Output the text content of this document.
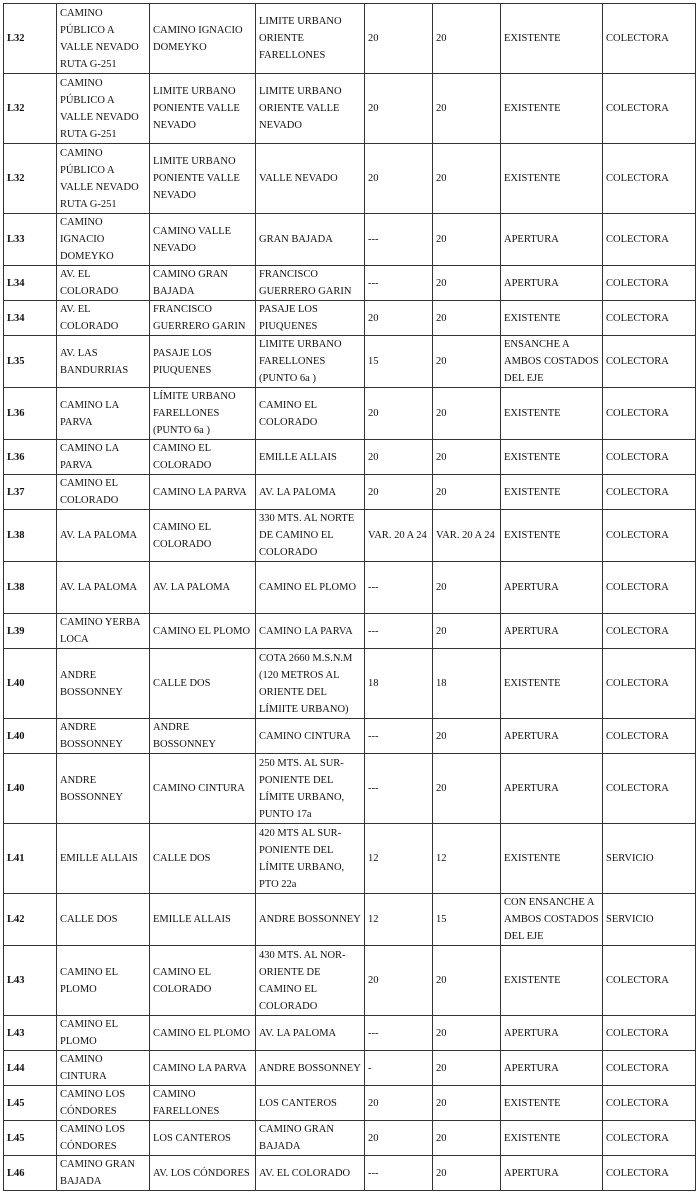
L32	CAMINO PÚBLICO A VALLE NEVADO RUTA G-251	CAMINO IGNACIO DOMEYKO	LIMITE URBANO ORIENTE FARELLONES	20	20	EXISTENTE	COLECTORA
L32	CAMINO PÚBLICO A VALLE NEVADO RUTA G-251	LIMITE URBANO PONIENTE VALLE NEVADO	LIMITE URBANO ORIENTE VALLE NEVADO	20	20	EXISTENTE	COLECTORA
L32	CAMINO PÚBLICO A VALLE NEVADO RUTA G-251	LIMITE URBANO PONIENTE VALLE NEVADO	VALLE NEVADO	20	20	EXISTENTE	COLECTORA
L33	CAMINO IGNACIO DOMEYKO	CAMINO VALLE NEVADO	GRAN BAJADA	---	20	APERTURA	COLECTORA
L34	AV. EL COLORADO	CAMINO GRAN BAJADA	FRANCISCO GUERRERO GARIN	---	20	APERTURA	COLECTORA
L34	AV. EL COLORADO	FRANCISCO GUERRERO GARIN	PASAJE LOS PIUQUENES	20	20	EXISTENTE	COLECTORA
L35	AV. LAS BANDURRIAS	PASAJE LOS PIUQUENES	LIMITE URBANO FARELLONES (PUNTO 6a )	15	20	ENSANCHE A AMBOS COSTADOS DEL EJE	COLECTORA
L36	CAMINO LA PARVA	LÍMITE URBANO FARELLONES (PUNTO 6a )	CAMINO EL COLORADO	20	20	EXISTENTE	COLECTORA
L36	CAMINO LA PARVA	CAMINO EL COLORADO	EMILLE ALLAIS	20	20	EXISTENTE	COLECTORA
L37	CAMINO EL COLORADO	CAMINO LA PARVA	AV. LA PALOMA	20	20	EXISTENTE	COLECTORA
L38	AV. LA PALOMA	CAMINO EL COLORADO	330 MTS. AL NORTE DE CAMINO EL COLORADO	VAR. 20 A 24	VAR. 20 A 24	EXISTENTE	COLECTORA
L38	AV. LA PALOMA	AV. LA PALOMA	CAMINO EL PLOMO	---	20	APERTURA	COLECTORA
L39	CAMINO YERBA LOCA	CAMINO EL PLOMO	CAMINO LA PARVA	---	20	APERTURA	COLECTORA
L40	ANDRE BOSSONNEY	CALLE DOS	COTA 2660 M.S.N.M (120 METROS AL ORIENTE DEL LÍMIITE URBANO)	18	18	EXISTENTE	COLECTORA
L40	ANDRE BOSSONNEY	ANDRE BOSSONNEY	CAMINO CINTURA	---	20	APERTURA	COLECTORA
L40	ANDRE BOSSONNEY	CAMINO CINTURA	250 MTS. AL SUR-PONIENTE DEL LÍMITE URBANO, PUNTO 17a	---	20	APERTURA	COLECTORA
L41	EMILLE ALLAIS	CALLE DOS	420 MTS AL SUR-PONIENTE DEL LÍMITE URBANO, PTO 22a	12	12	EXISTENTE	SERVICIO
L42	CALLE DOS	EMILLE ALLAIS	ANDRE BOSSONNEY	12	15	CON ENSANCHE A AMBOS COSTADOS DEL EJE	SERVICIO
L43	CAMINO EL PLOMO	CAMINO EL COLORADO	430 MTS. AL NOR-ORIENTE DE CAMINO EL COLORADO	20	20	EXISTENTE	COLECTORA
L43	CAMINO EL PLOMO	CAMINO EL PLOMO	AV. LA PALOMA	---	20	APERTURA	COLECTORA
L44	CAMINO CINTURA	CAMINO LA PARVA	ANDRE BOSSONNEY	-	20	APERTURA	COLECTORA
L45	CAMINO LOS CÓNDORES	CAMINO FARELLONES	LOS CANTEROS	20	20	EXISTENTE	COLECTORA
L45	CAMINO LOS CÓNDORES	LOS CANTEROS	CAMINO GRAN BAJADA	20	20	EXISTENTE	COLECTORA
L46	CAMINO GRAN BAJADA	AV. LOS CÓNDORES	AV. EL COLORADO	---	20	APERTURA	COLECTORA
